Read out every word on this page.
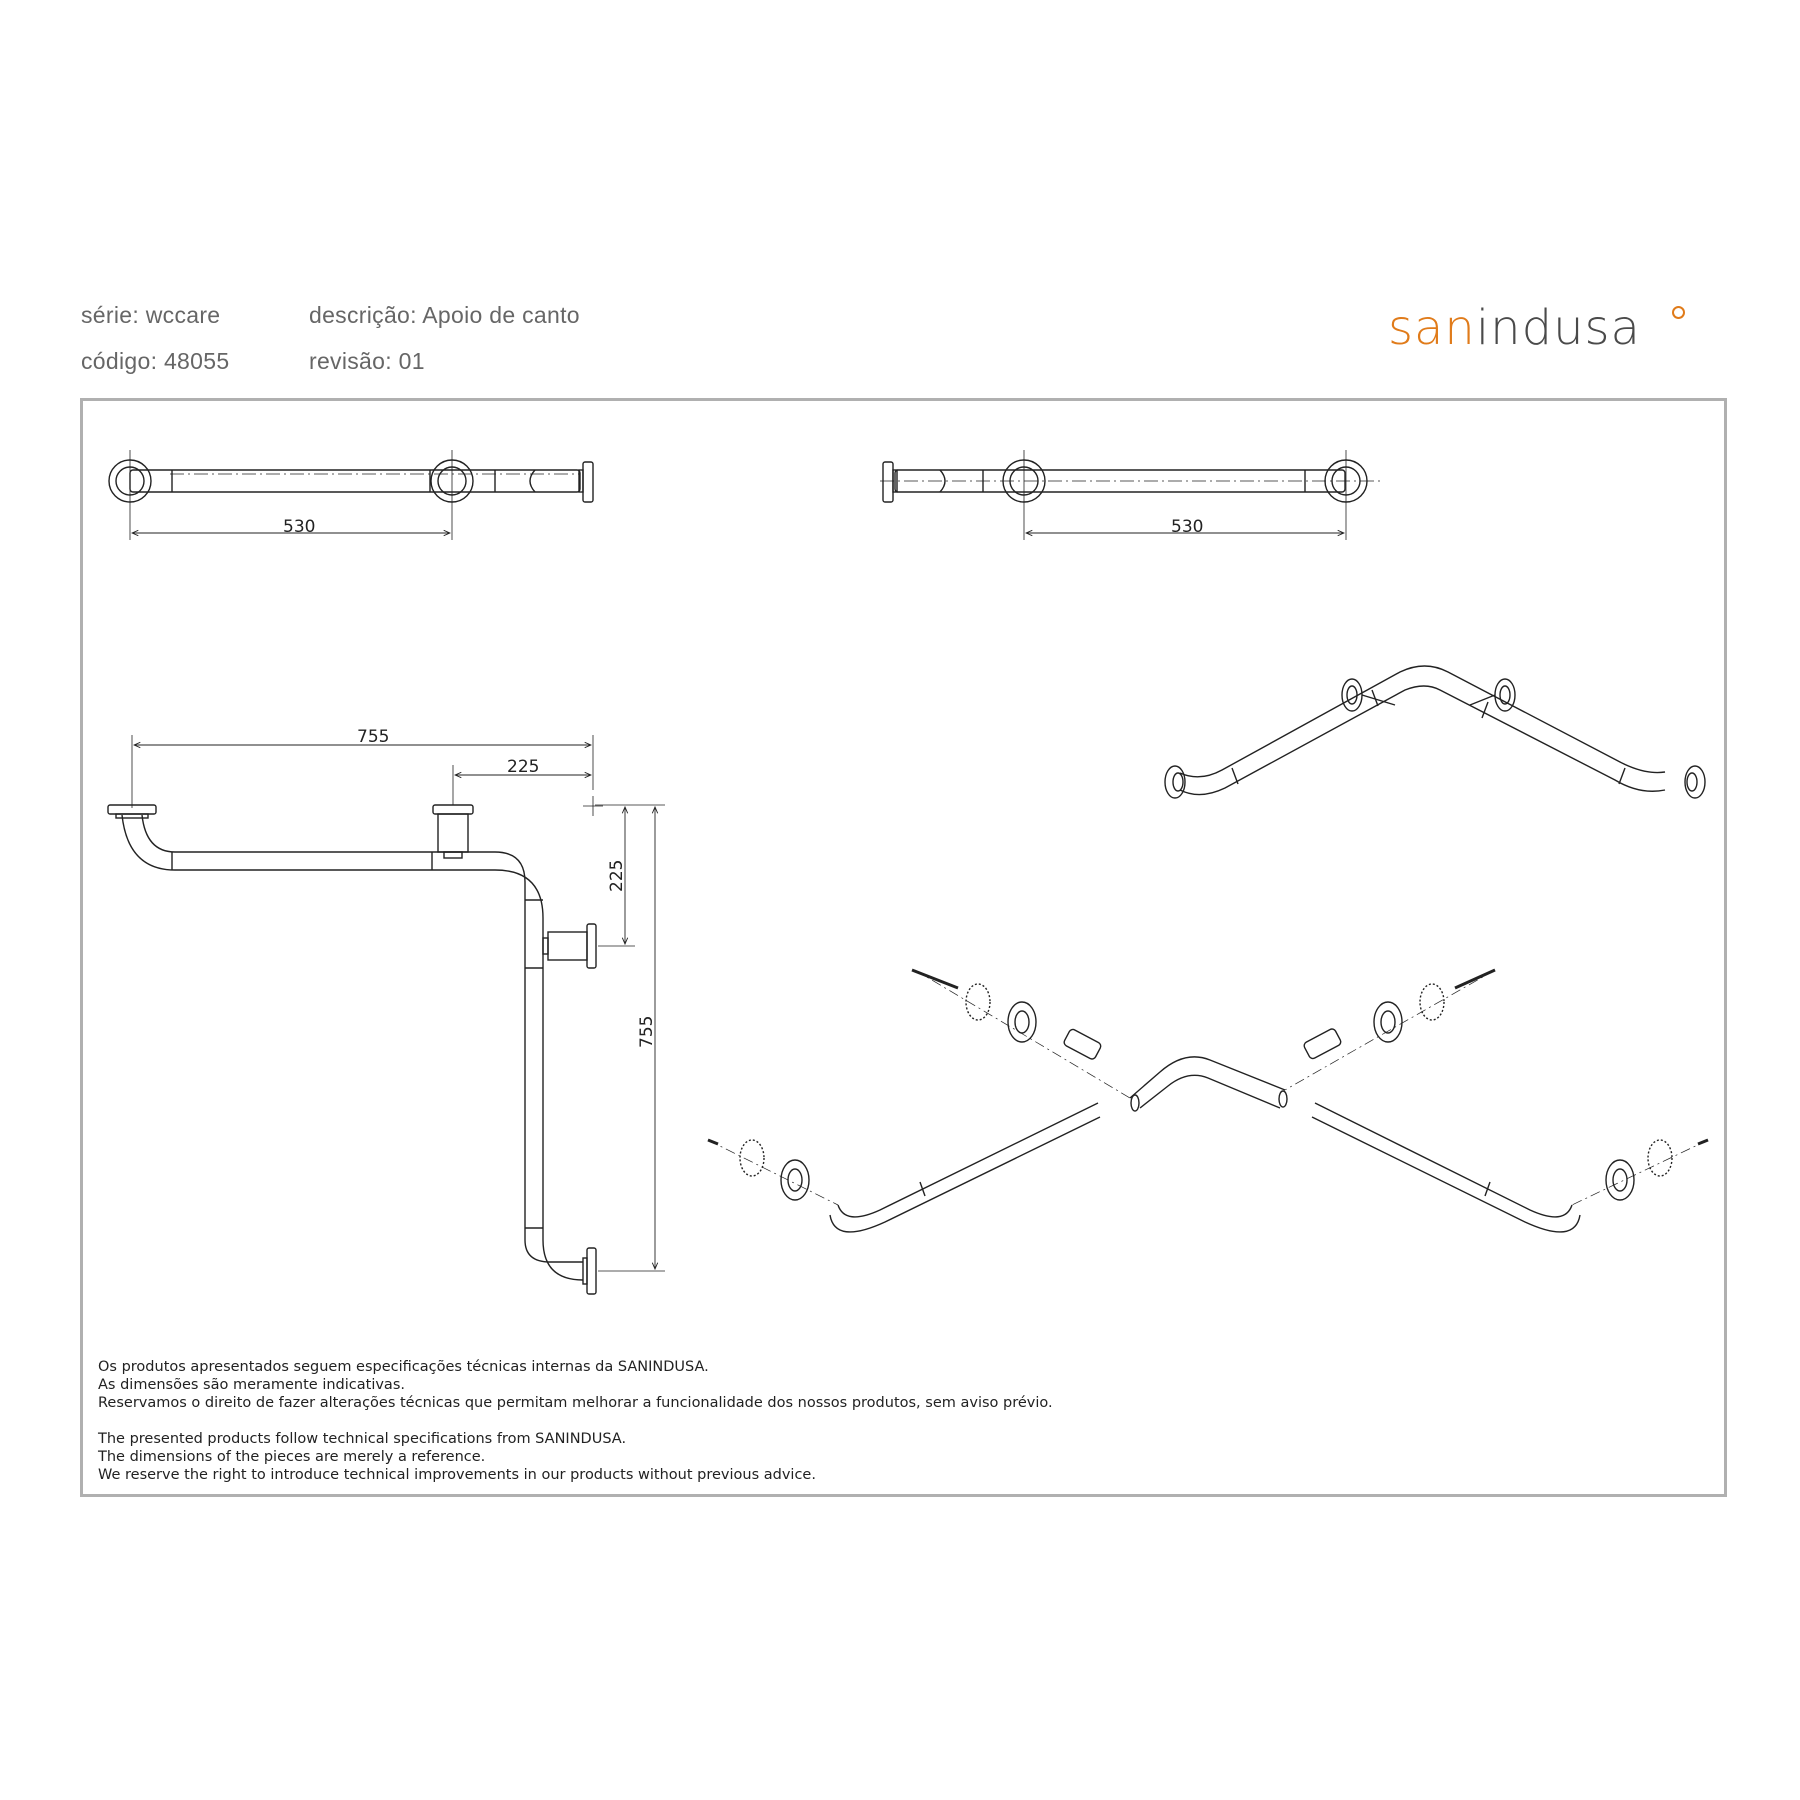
série: wccare
código: 48055
descrição: Apoio de canto
revisão: 01
sanindusa
530	530
755
225
225
755
Os produtos apresentados seguem especificações técnicas internas da SANINDUSA.
As dimensões são meramente indicativas.
Reservamos o direito de fazer alterações técnicas que permitam melhorar a funcionalidade dos nossos produtos, sem aviso prévio.
The presented products follow technical specifications from SANINDUSA.
The dimensions of the pieces are merely a reference.
We reserve the right to introduce technical improvements in our products without previous advice.
